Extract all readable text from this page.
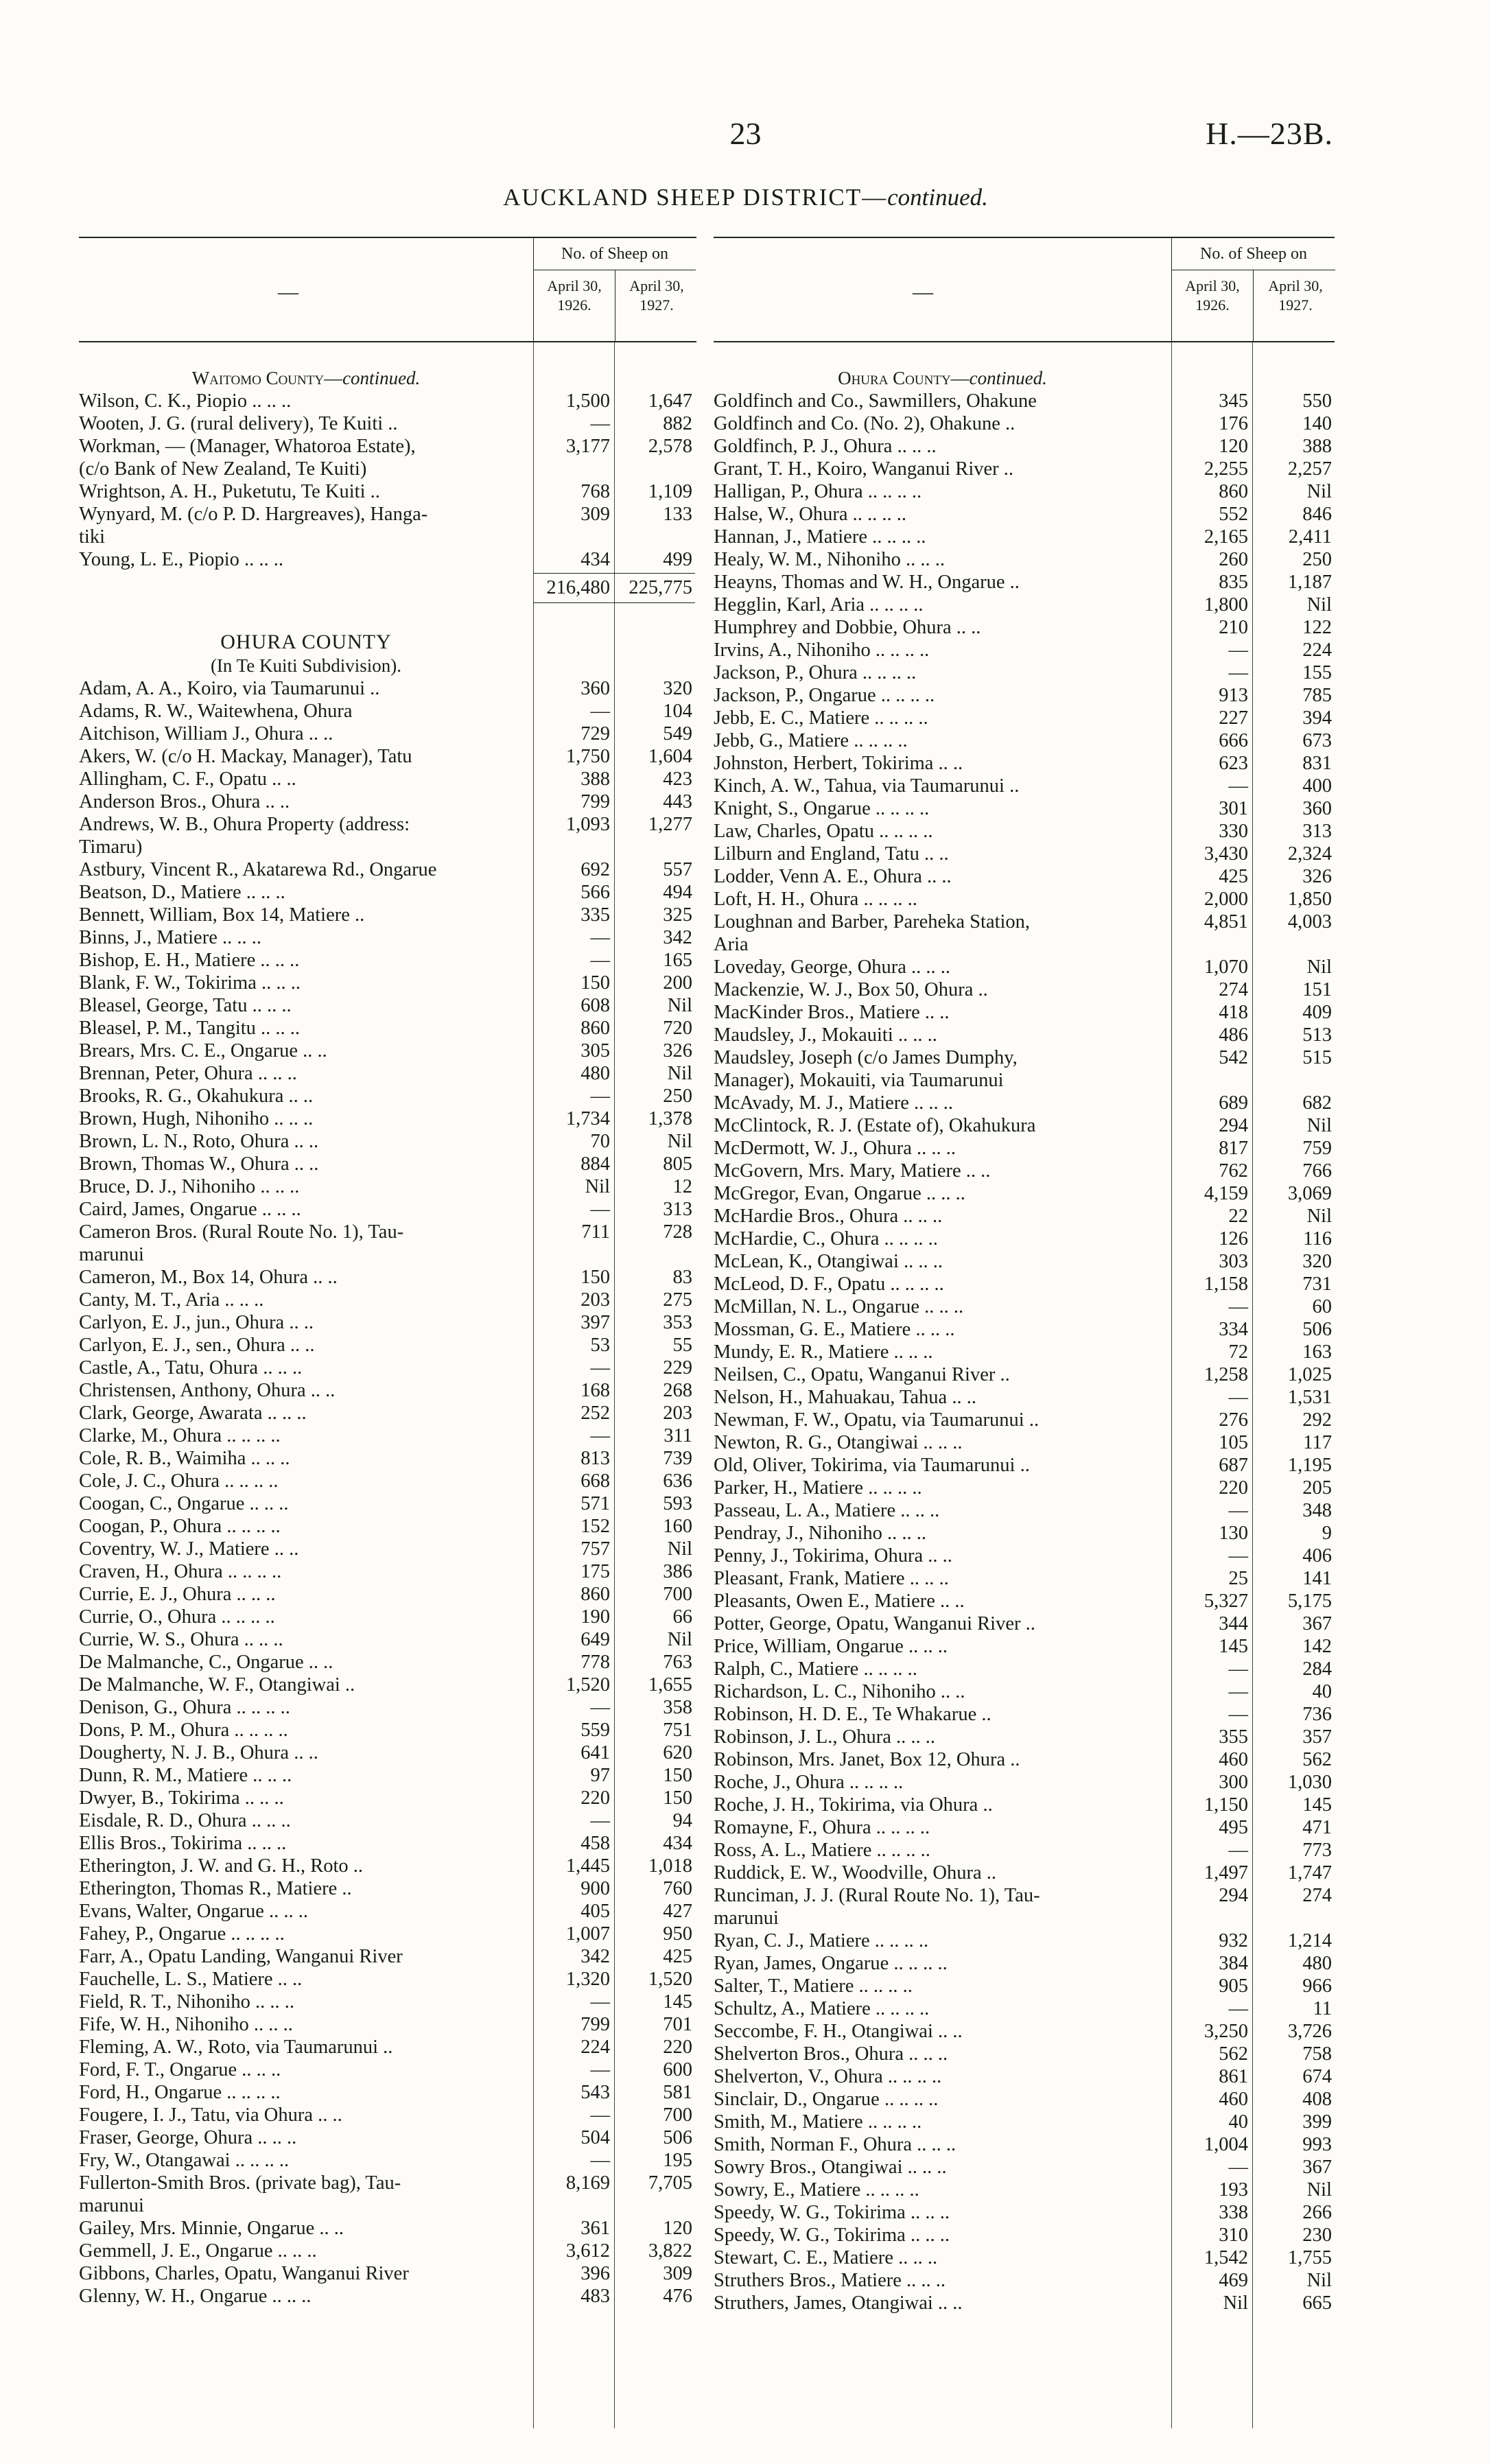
23	H.—23B.
AUCKLAND SHEEP DISTRICT—continued.
—
No. of Sheep on
April 30, 1926.
April 30, 1927.
Waitomo County—continued.
Wilson, C. K., Piopio .. .. ..	1,500	1,647
Wooten, J. G. (rural delivery), Te Kuiti ..	—	882
Workman, — (Manager, Whatoroa Estate),	3,177	2,578
(c/o Bank of New Zealand, Te Kuiti)
Wrightson, A. H., Puketutu, Te Kuiti ..	768	1,109
Wynyard, M. (c/o P. D. Hargreaves), Hanga-	309	133
tiki
Young, L. E., Piopio .. .. ..	434	499
216,480 225,775
OHURA COUNTY
(In Te Kuiti Subdivision).
Adam, A. A., Koiro, via Taumarunui ..	360	320
Adams, R. W., Waitewhena, Ohura	—	104
Aitchison, William J., Ohura .. ..	729	549
Akers, W. (c/o H. Mackay, Manager), Tatu	1,750	1,604
Allingham, C. F., Opatu .. ..	388	423
Anderson Bros., Ohura .. ..	799	443
Andrews, W. B., Ohura Property (address:	1,093	1,277
Timaru)
Astbury, Vincent R., Akatarewa Rd., Ongarue	692	557
Beatson, D., Matiere .. .. ..	566	494
Bennett, William, Box 14, Matiere ..	335	325
Binns, J., Matiere .. .. ..	—	342
Bishop, E. H., Matiere .. .. ..	—	165
Blank, F. W., Tokirima .. .. ..	150	200
Bleasel, George, Tatu .. .. ..	608	Nil
Bleasel, P. M., Tangitu .. .. ..	860	720
Brears, Mrs. C. E., Ongarue .. ..	305	326
Brennan, Peter, Ohura .. .. ..	480	Nil
Brooks, R. G., Okahukura .. ..	—	250
Brown, Hugh, Nihoniho .. .. ..	1,734	1,378
Brown, L. N., Roto, Ohura .. ..	70	Nil
Brown, Thomas W., Ohura .. ..	884	805
Bruce, D. J., Nihoniho .. .. ..	Nil	12
Caird, James, Ongarue .. .. ..	—	313
Cameron Bros. (Rural Route No. 1), Tau-	711	728
marunui
Cameron, M., Box 14, Ohura .. ..	150	83
Canty, M. T., Aria .. .. ..	203	275
Carlyon, E. J., jun., Ohura .. ..	397	353
Carlyon, E. J., sen., Ohura .. ..	53	55
Castle, A., Tatu, Ohura .. .. ..	—	229
Christensen, Anthony, Ohura .. ..	168	268
Clark, George, Awarata .. .. ..	252	203
Clarke, M., Ohura .. .. .. ..	—	311
Cole, R. B., Waimiha .. .. ..	813	739
Cole, J. C., Ohura .. .. .. ..	668	636
Coogan, C., Ongarue .. .. ..	571	593
Coogan, P., Ohura .. .. .. ..	152	160
Coventry, W. J., Matiere .. ..	757	Nil
Craven, H., Ohura .. .. .. ..	175	386
Currie, E. J., Ohura .. .. ..	860	700
Currie, O., Ohura .. .. .. ..	190	66
Currie, W. S., Ohura .. .. ..	649	Nil
De Malmanche, C., Ongarue .. ..	778	763
De Malmanche, W. F., Otangiwai ..	1,520	1,655
Denison, G., Ohura .. .. .. ..	—	358
Dons, P. M., Ohura .. .. .. ..	559	751
Dougherty, N. J. B., Ohura .. ..	641	620
Dunn, R. M., Matiere .. .. ..	97	150
Dwyer, B., Tokirima .. .. ..	220	150
Eisdale, R. D., Ohura .. .. ..	—	94
Ellis Bros., Tokirima .. .. ..	458	434
Etherington, J. W. and G. H., Roto ..	1,445	1,018
Etherington, Thomas R., Matiere ..	900	760
Evans, Walter, Ongarue .. .. ..	405	427
Fahey, P., Ongarue .. .. .. ..	1,007	950
Farr, A., Opatu Landing, Wanganui River	342	425
Fauchelle, L. S., Matiere .. ..	1,320	1,520
Field, R. T., Nihoniho .. .. ..	—	145
Fife, W. H., Nihoniho .. .. ..	799	701
Fleming, A. W., Roto, via Taumarunui ..	224	220
Ford, F. T., Ongarue .. .. ..	—	600
Ford, H., Ongarue .. .. .. ..	543	581
Fougere, I. J., Tatu, via Ohura .. ..	—	700
Fraser, George, Ohura .. .. ..	504	506
Fry, W., Otangawai .. .. .. ..	—	195
Fullerton-Smith Bros. (private bag), Tau-	8,169	7,705
marunui
Gailey, Mrs. Minnie, Ongarue .. ..	361	120
Gemmell, J. E., Ongarue .. .. ..	3,612	3,822
Gibbons, Charles, Opatu, Wanganui River	396	309
Glenny, W. H., Ongarue .. .. ..	483	476
—
No. of Sheep on
April 30, 1926.
April 30, 1927.
Ohura County—continued.
Goldfinch and Co., Sawmillers, Ohakune	345	550
Goldfinch and Co. (No. 2), Ohakune ..	176	140
Goldfinch, P. J., Ohura .. .. ..	120	388
Grant, T. H., Koiro, Wanganui River ..	2,255	2,257
Halligan, P., Ohura .. .. .. ..	860	Nil
Halse, W., Ohura .. .. .. ..	552	846
Hannan, J., Matiere .. .. .. ..	2,165	2,411
Healy, W. M., Nihoniho .. .. ..	260	250
Heayns, Thomas and W. H., Ongarue ..	835	1,187
Hegglin, Karl, Aria .. .. .. ..	1,800	Nil
Humphrey and Dobbie, Ohura .. ..	210	122
Irvins, A., Nihoniho .. .. .. ..	—	224
Jackson, P., Ohura .. .. .. ..	—	155
Jackson, P., Ongarue .. .. .. ..	913	785
Jebb, E. C., Matiere .. .. .. ..	227	394
Jebb, G., Matiere .. .. .. ..	666	673
Johnston, Herbert, Tokirima .. ..	623	831
Kinch, A. W., Tahua, via Taumarunui ..	—	400
Knight, S., Ongarue .. .. .. ..	301	360
Law, Charles, Opatu .. .. .. ..	330	313
Lilburn and England, Tatu .. ..	3,430	2,324
Lodder, Venn A. E., Ohura .. ..	425	326
Loft, H. H., Ohura .. .. .. ..	2,000	1,850
Loughnan and Barber, Pareheka Station,	4,851	4,003
Aria
Loveday, George, Ohura .. .. ..	1,070	Nil
Mackenzie, W. J., Box 50, Ohura ..	274	151
MacKinder Bros., Matiere .. ..	418	409
Maudsley, J., Mokauiti .. .. ..	486	513
Maudsley, Joseph (c/o James Dumphy,	542	515
Manager), Mokauiti, via Taumarunui
McAvady, M. J., Matiere .. .. ..	689	682
McClintock, R. J. (Estate of), Okahukura	294	Nil
McDermott, W. J., Ohura .. .. ..	817	759
McGovern, Mrs. Mary, Matiere .. ..	762	766
McGregor, Evan, Ongarue .. .. ..	4,159	3,069
McHardie Bros., Ohura .. .. ..	22	Nil
McHardie, C., Ohura .. .. .. ..	126	116
McLean, K., Otangiwai .. .. ..	303	320
McLeod, D. F., Opatu .. .. .. ..	1,158	731
McMillan, N. L., Ongarue .. .. ..	—	60
Mossman, G. E., Matiere .. .. ..	334	506
Mundy, E. R., Matiere .. .. ..	72	163
Neilsen, C., Opatu, Wanganui River ..	1,258	1,025
Nelson, H., Mahuakau, Tahua .. ..	—	1,531
Newman, F. W., Opatu, via Taumarunui ..	276	292
Newton, R. G., Otangiwai .. .. ..	105	117
Old, Oliver, Tokirima, via Taumarunui ..	687	1,195
Parker, H., Matiere .. .. .. ..	220	205
Passeau, L. A., Matiere .. .. ..	—	348
Pendray, J., Nihoniho .. .. ..	130	9
Penny, J., Tokirima, Ohura .. ..	—	406
Pleasant, Frank, Matiere .. .. ..	25	141
Pleasants, Owen E., Matiere .. ..	5,327	5,175
Potter, George, Opatu, Wanganui River ..	344	367
Price, William, Ongarue .. .. ..	145	142
Ralph, C., Matiere .. .. .. ..	—	284
Richardson, L. C., Nihoniho .. ..	—	40
Robinson, H. D. E., Te Whakarue ..	—	736
Robinson, J. L., Ohura .. .. ..	355	357
Robinson, Mrs. Janet, Box 12, Ohura ..	460	562
Roche, J., Ohura .. .. .. ..	300	1,030
Roche, J. H., Tokirima, via Ohura ..	1,150	145
Romayne, F., Ohura .. .. .. ..	495	471
Ross, A. L., Matiere .. .. .. ..	—	773
Ruddick, E. W., Woodville, Ohura ..	1,497	1,747
Runciman, J. J. (Rural Route No. 1), Tau-	294	274
marunui
Ryan, C. J., Matiere .. .. .. ..	932	1,214
Ryan, James, Ongarue .. .. .. ..	384	480
Salter, T., Matiere .. .. .. ..	905	966
Schultz, A., Matiere .. .. .. ..	—	11
Seccombe, F. H., Otangiwai .. ..	3,250	3,726
Shelverton Bros., Ohura .. .. ..	562	758
Shelverton, V., Ohura .. .. .. ..	861	674
Sinclair, D., Ongarue .. .. .. ..	460	408
Smith, M., Matiere .. .. .. ..	40	399
Smith, Norman F., Ohura .. .. ..	1,004	993
Sowry Bros., Otangiwai .. .. ..	—	367
Sowry, E., Matiere .. .. .. ..	193	Nil
Speedy, W. G., Tokirima .. .. ..	338	266
Speedy, W. G., Tokirima .. .. ..	310	230
Stewart, C. E., Matiere .. .. ..	1,542	1,755
Struthers Bros., Matiere .. .. ..	469	Nil
Struthers, James, Otangiwai .. ..	Nil	665
